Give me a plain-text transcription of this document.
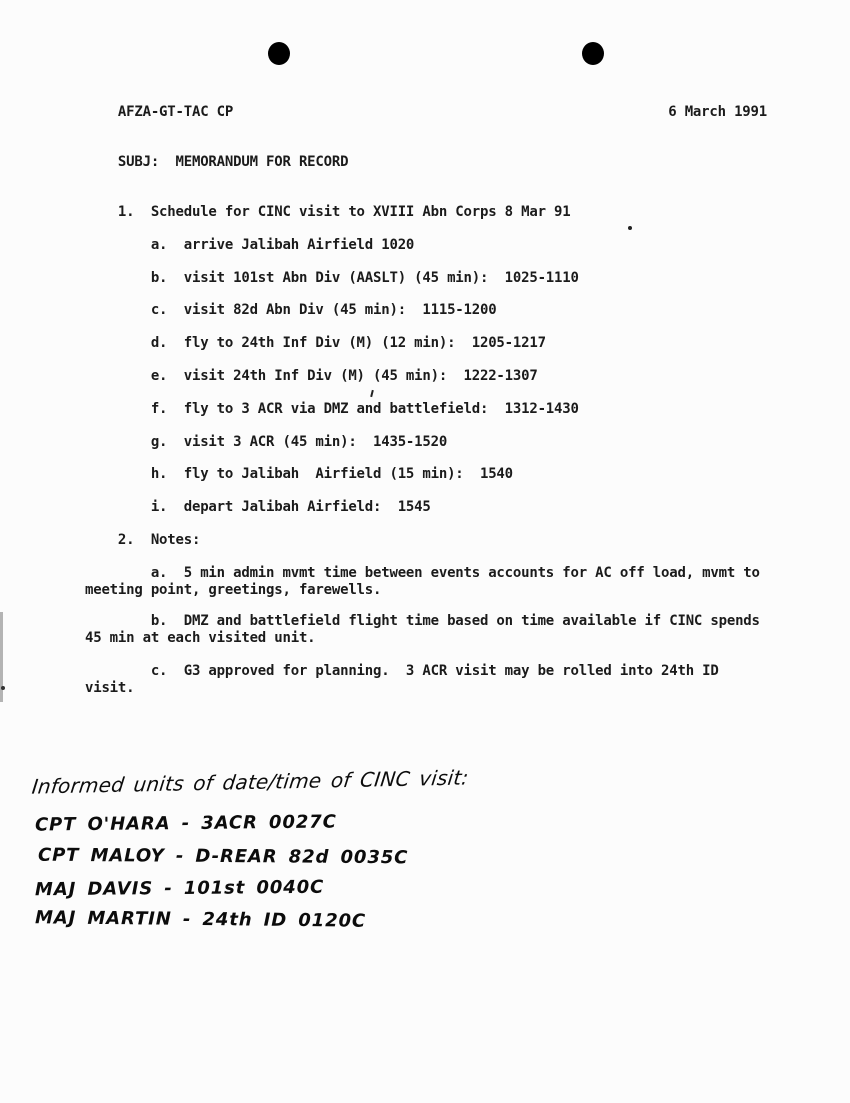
AFZA-GT-TAC CP	6 March 1991
SUBJ:  MEMORANDUM FOR RECORD
1.  Schedule for CINC visit to XVIII Abn Corps 8 Mar 91
a.  arrive Jalibah Airfield 1020
b.  visit 101st Abn Div (AASLT) (45 min):  1025-1110
c.  visit 82d Abn Div (45 min):  1115-1200
d.  fly to 24th Inf Div (M) (12 min):  1205-1217
e.  visit 24th Inf Div (M) (45 min):  1222-1307
f.  fly to 3 ACR via DMZ and battlefield:  1312-1430
g.  visit 3 ACR (45 min):  1435-1520
h.  fly to Jalibah  Airfield (15 min):  1540
i.  depart Jalibah Airfield:  1545
2.  Notes:
a.  5 min admin mvmt time between events accounts for AC off load, mvmt to
meeting point, greetings, farewells.
b.  DMZ and battlefield flight time based on time available if CINC spends
45 min at each visited unit.
c.  G3 approved for planning.  3 ACR visit may be rolled into 24th ID
visit.
Informed units of date/time of CINC visit:
CPT O'HARA - 3ACR 0027C
CPT MALOY - D-REAR 82d 0035C
MAJ DAVIS - 101st 0040C
MAJ MARTIN - 24th ID 0120C
